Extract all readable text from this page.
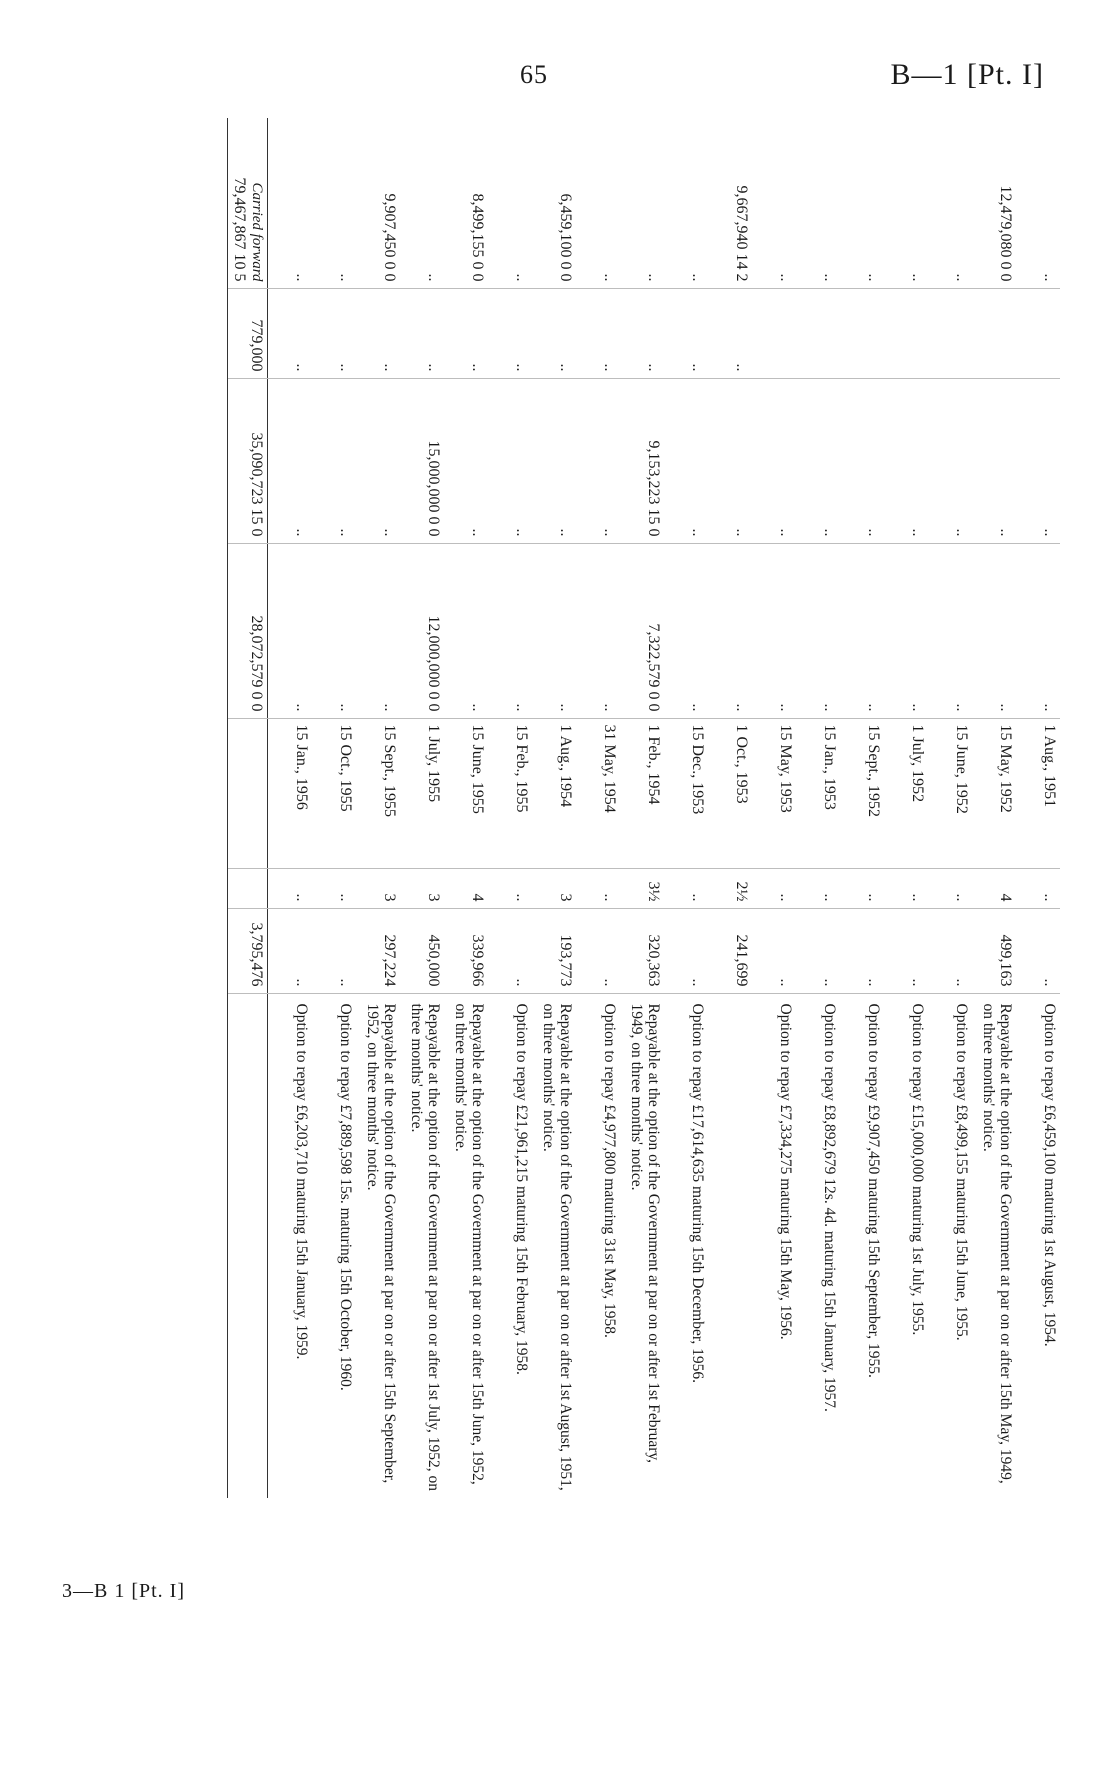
65	B—1 [Pt. I]
..		..	..	1 Aug., 1951	..	..	Option to repay £6,459,100 maturing 1st August, 1954.
12,479,080 0 0		..	..	15 May, 1952	4	499,163	Repayable at the option of the Government at par on or after 15th May, 1949, on three months' notice.
..		..	..	15 June, 1952	..	..	Option to repay £8,499,155 maturing 15th June, 1955.
..		..	..	1 July, 1952	..	..	Option to repay £15,000,000 maturing 1st July, 1955.
..		..	..	15 Sept., 1952	..	..	Option to repay £9,907,450 maturing 15th September, 1955.
..		..	..	15 Jan., 1953	..	..	Option to repay £8,892,679 12s. 4d. maturing 15th January, 1957.
..		..	..	15 May, 1953	..	..	Option to repay £7,334,275 maturing 15th May, 1956.
9,667,940 14 2	..	..	..	1 Oct., 1953	2½	241,699	
..	..	..	..	15 Dec., 1953	..	..	Option to repay £17,614,635 maturing 15th December, 1956.
..	..	9,153,223 15 0	7,322,579 0 0	1 Feb., 1954	3½	320,363	Repayable at the option of the Government at par on or after 1st February, 1949, on three months' notice.
..	..	..	..	31 May, 1954	..	..	Option to repay £4,977,800 maturing 31st May, 1958.
6,459,100 0 0	..	..	..	1 Aug., 1954	3	193,773	Repayable at the option of the Government at par on or after 1st August, 1951, on three months' notice.
..	..	..	..	15 Feb., 1955	..	..	Option to repay £21,961,215 maturing 15th February, 1958.
8,499,155 0 0	..	..	..	15 June, 1955	4	339,966	Repayable at the option of the Government at par on or after 15th June, 1952, on three months' notice.
..	..	15,000,000 0 0	12,000,000 0 0	1 July, 1955	3	450,000	Repayable at the option of the Government at par on or after 1st July, 1952, on three months' notice.
9,907,450 0 0	..	..	..	15 Sept., 1955	3	297,224	Repayable at the option of the Government at par on or after 15th September, 1952, on three months' notice.
..	..	..	..	15 Oct., 1955	..	..	Option to repay £7,889,598 15s. maturing 15th October, 1960.
..	..	..	..	15 Jan., 1956	..	..	Option to repay £6,203,710 maturing 15th January, 1959.

Carried forward
79,467,867 10 5	779,000	35,090,723 15 0	28,072,579 0 0			3,795,476	
3—B 1 [Pt. I]
